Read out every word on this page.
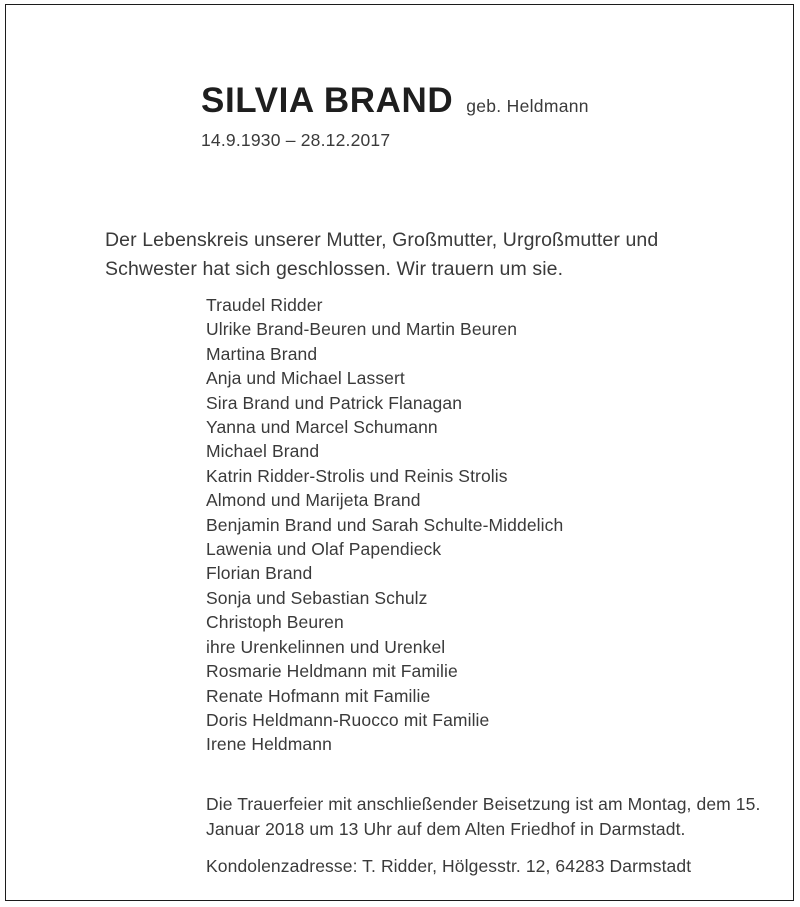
SILVIA BRAND geb. Heldmann
14.9.1930 – 28.12.2017

Der Lebenskreis unserer Mutter, Großmutter, Urgroßmutter und Schwester hat sich geschlossen. Wir trauern um sie.

Traudel Ridder
Ulrike Brand-Beuren und Martin Beuren
Martina Brand
Anja und Michael Lassert
Sira Brand und Patrick Flanagan
Yanna und Marcel Schumann
Michael Brand
Katrin Ridder-Strolis und Reinis Strolis
Almond und Marijeta Brand
Benjamin Brand und Sarah Schulte-Middelich
Lawenia und Olaf Papendieck
Florian Brand
Sonja und Sebastian Schulz
Christoph Beuren
ihre Urenkelinnen und Urenkel
Rosmarie Heldmann mit Familie
Renate Hofmann mit Familie
Doris Heldmann-Ruocco mit Familie
Irene Heldmann

Die Trauerfeier mit anschließender Beisetzung ist am Montag, dem 15. Januar 2018 um 13 Uhr auf dem Alten Friedhof in Darmstadt.

Kondolenzadresse: T. Ridder, Hölgesstr. 12, 64283 Darmstadt
